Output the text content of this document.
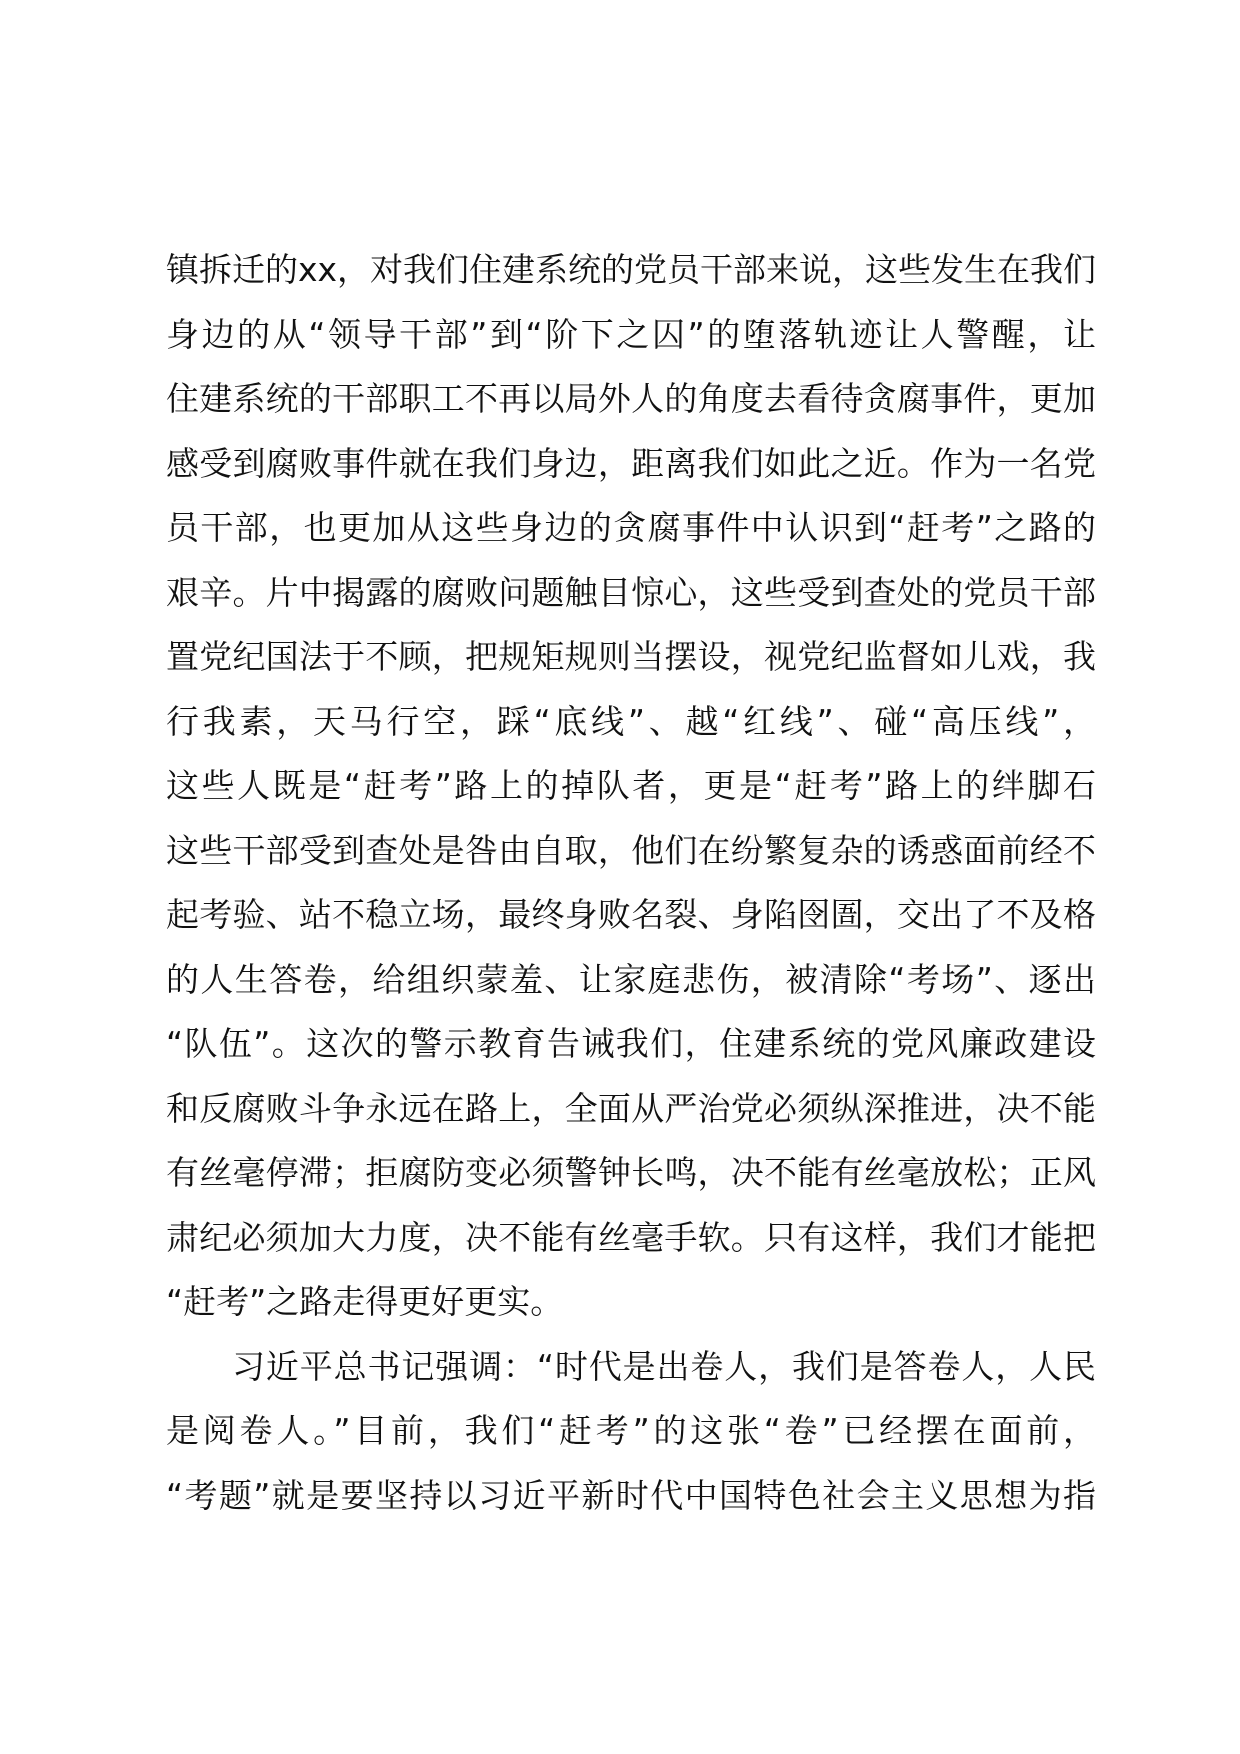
镇拆迁的xx，对我们住建系统的党员干部来说，这些发生在我们
身边的从“领导干部”到“阶下之囚”的堕落轨迹让人警醒，让
住建系统的干部职工不再以局外人的角度去看待贪腐事件，更加
感受到腐败事件就在我们身边，距离我们如此之近。作为一名党
员干部，也更加从这些身边的贪腐事件中认识到“赶考”之路的
艰辛。片中揭露的腐败问题触目惊心，这些受到查处的党员干部
置党纪国法于不顾，把规矩规则当摆设，视党纪监督如儿戏，我
行我素，天马行空，踩“底线”、越“红线”、碰“高压线”，
这些人既是“赶考”路上的掉队者，更是“赶考”路上的绊脚石
这些干部受到查处是咎由自取，他们在纷繁复杂的诱惑面前经不
起考验、站不稳立场，最终身败名裂、身陷囹圄，交出了不及格
的人生答卷，给组织蒙羞、让家庭悲伤，被清除“考场”、逐出
“队伍”。这次的警示教育告诫我们，住建系统的党风廉政建设
和反腐败斗争永远在路上，全面从严治党必须纵深推进，决不能
有丝毫停滞；拒腐防变必须警钟长鸣，决不能有丝毫放松；正风
肃纪必须加大力度，决不能有丝毫手软。只有这样，我们才能把
“赶考”之路走得更好更实。
习近平总书记强调：“时代是出卷人，我们是答卷人，人民
是阅卷人。”目前，我们“赶考”的这张“卷”已经摆在面前，
“考题”就是要坚持以习近平新时代中国特色社会主义思想为指
